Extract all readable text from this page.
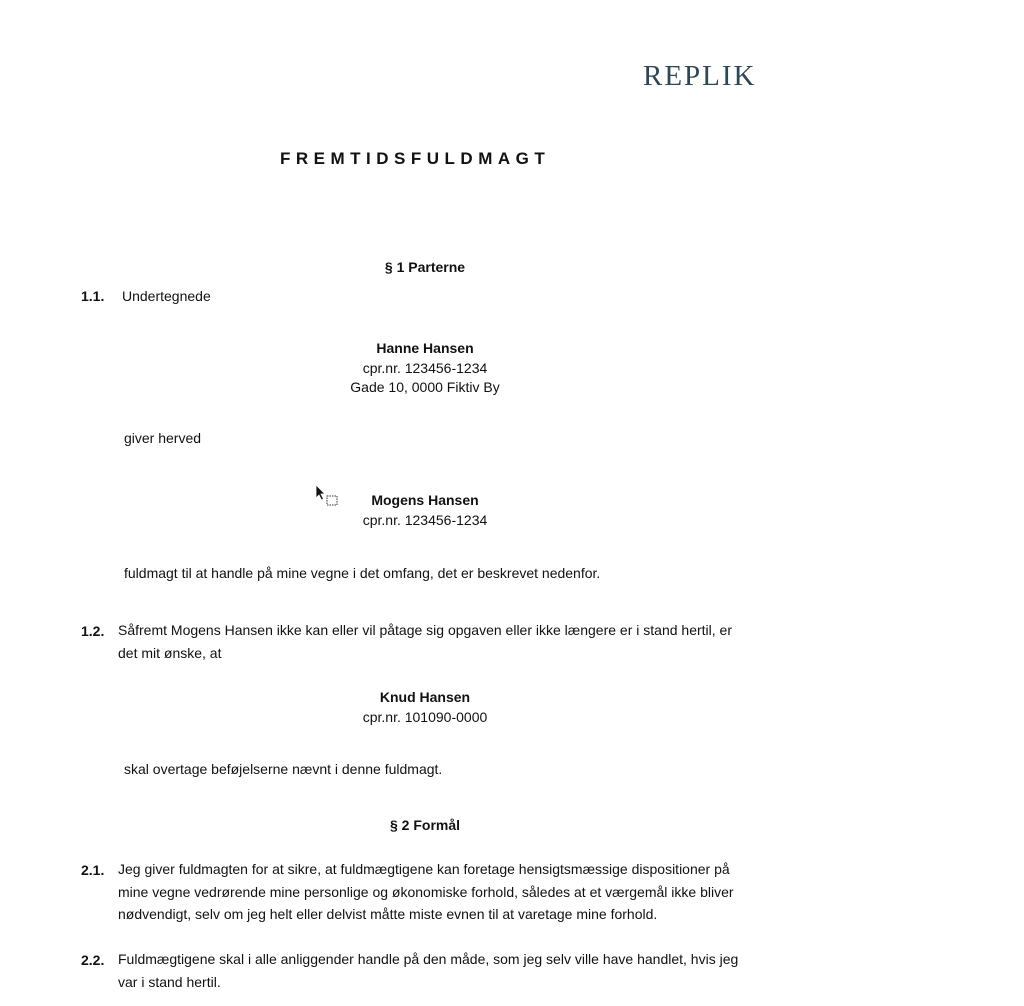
REPLIK
FREMTIDSFULDMAGT
§ 1 Parterne
1.1. Undertegnede
Hanne Hansen
cpr.nr. 123456-1234
Gade 10, 0000 Fiktiv By
giver herved
Mogens Hansen
cpr.nr. 123456-1234
fuldmagt til at handle på mine vegne i det omfang, det er beskrevet nedenfor.
1.2. Såfremt Mogens Hansen ikke kan eller vil påtage sig opgaven eller ikke længere er i stand hertil, er
det mit ønske, at
Knud Hansen
cpr.nr. 101090-0000
skal overtage beføjelserne nævnt i denne fuldmagt.
§ 2 Formål
2.1. Jeg giver fuldmagten for at sikre, at fuldmægtigene kan foretage hensigtsmæssige dispositioner på
mine vegne vedrørende mine personlige og økonomiske forhold, således at et værgemål ikke bliver
nødvendigt, selv om jeg helt eller delvist måtte miste evnen til at varetage mine forhold.
2.2. Fuldmægtigene skal i alle anliggender handle på den måde, som jeg selv ville have handlet, hvis jeg
var i stand hertil.
